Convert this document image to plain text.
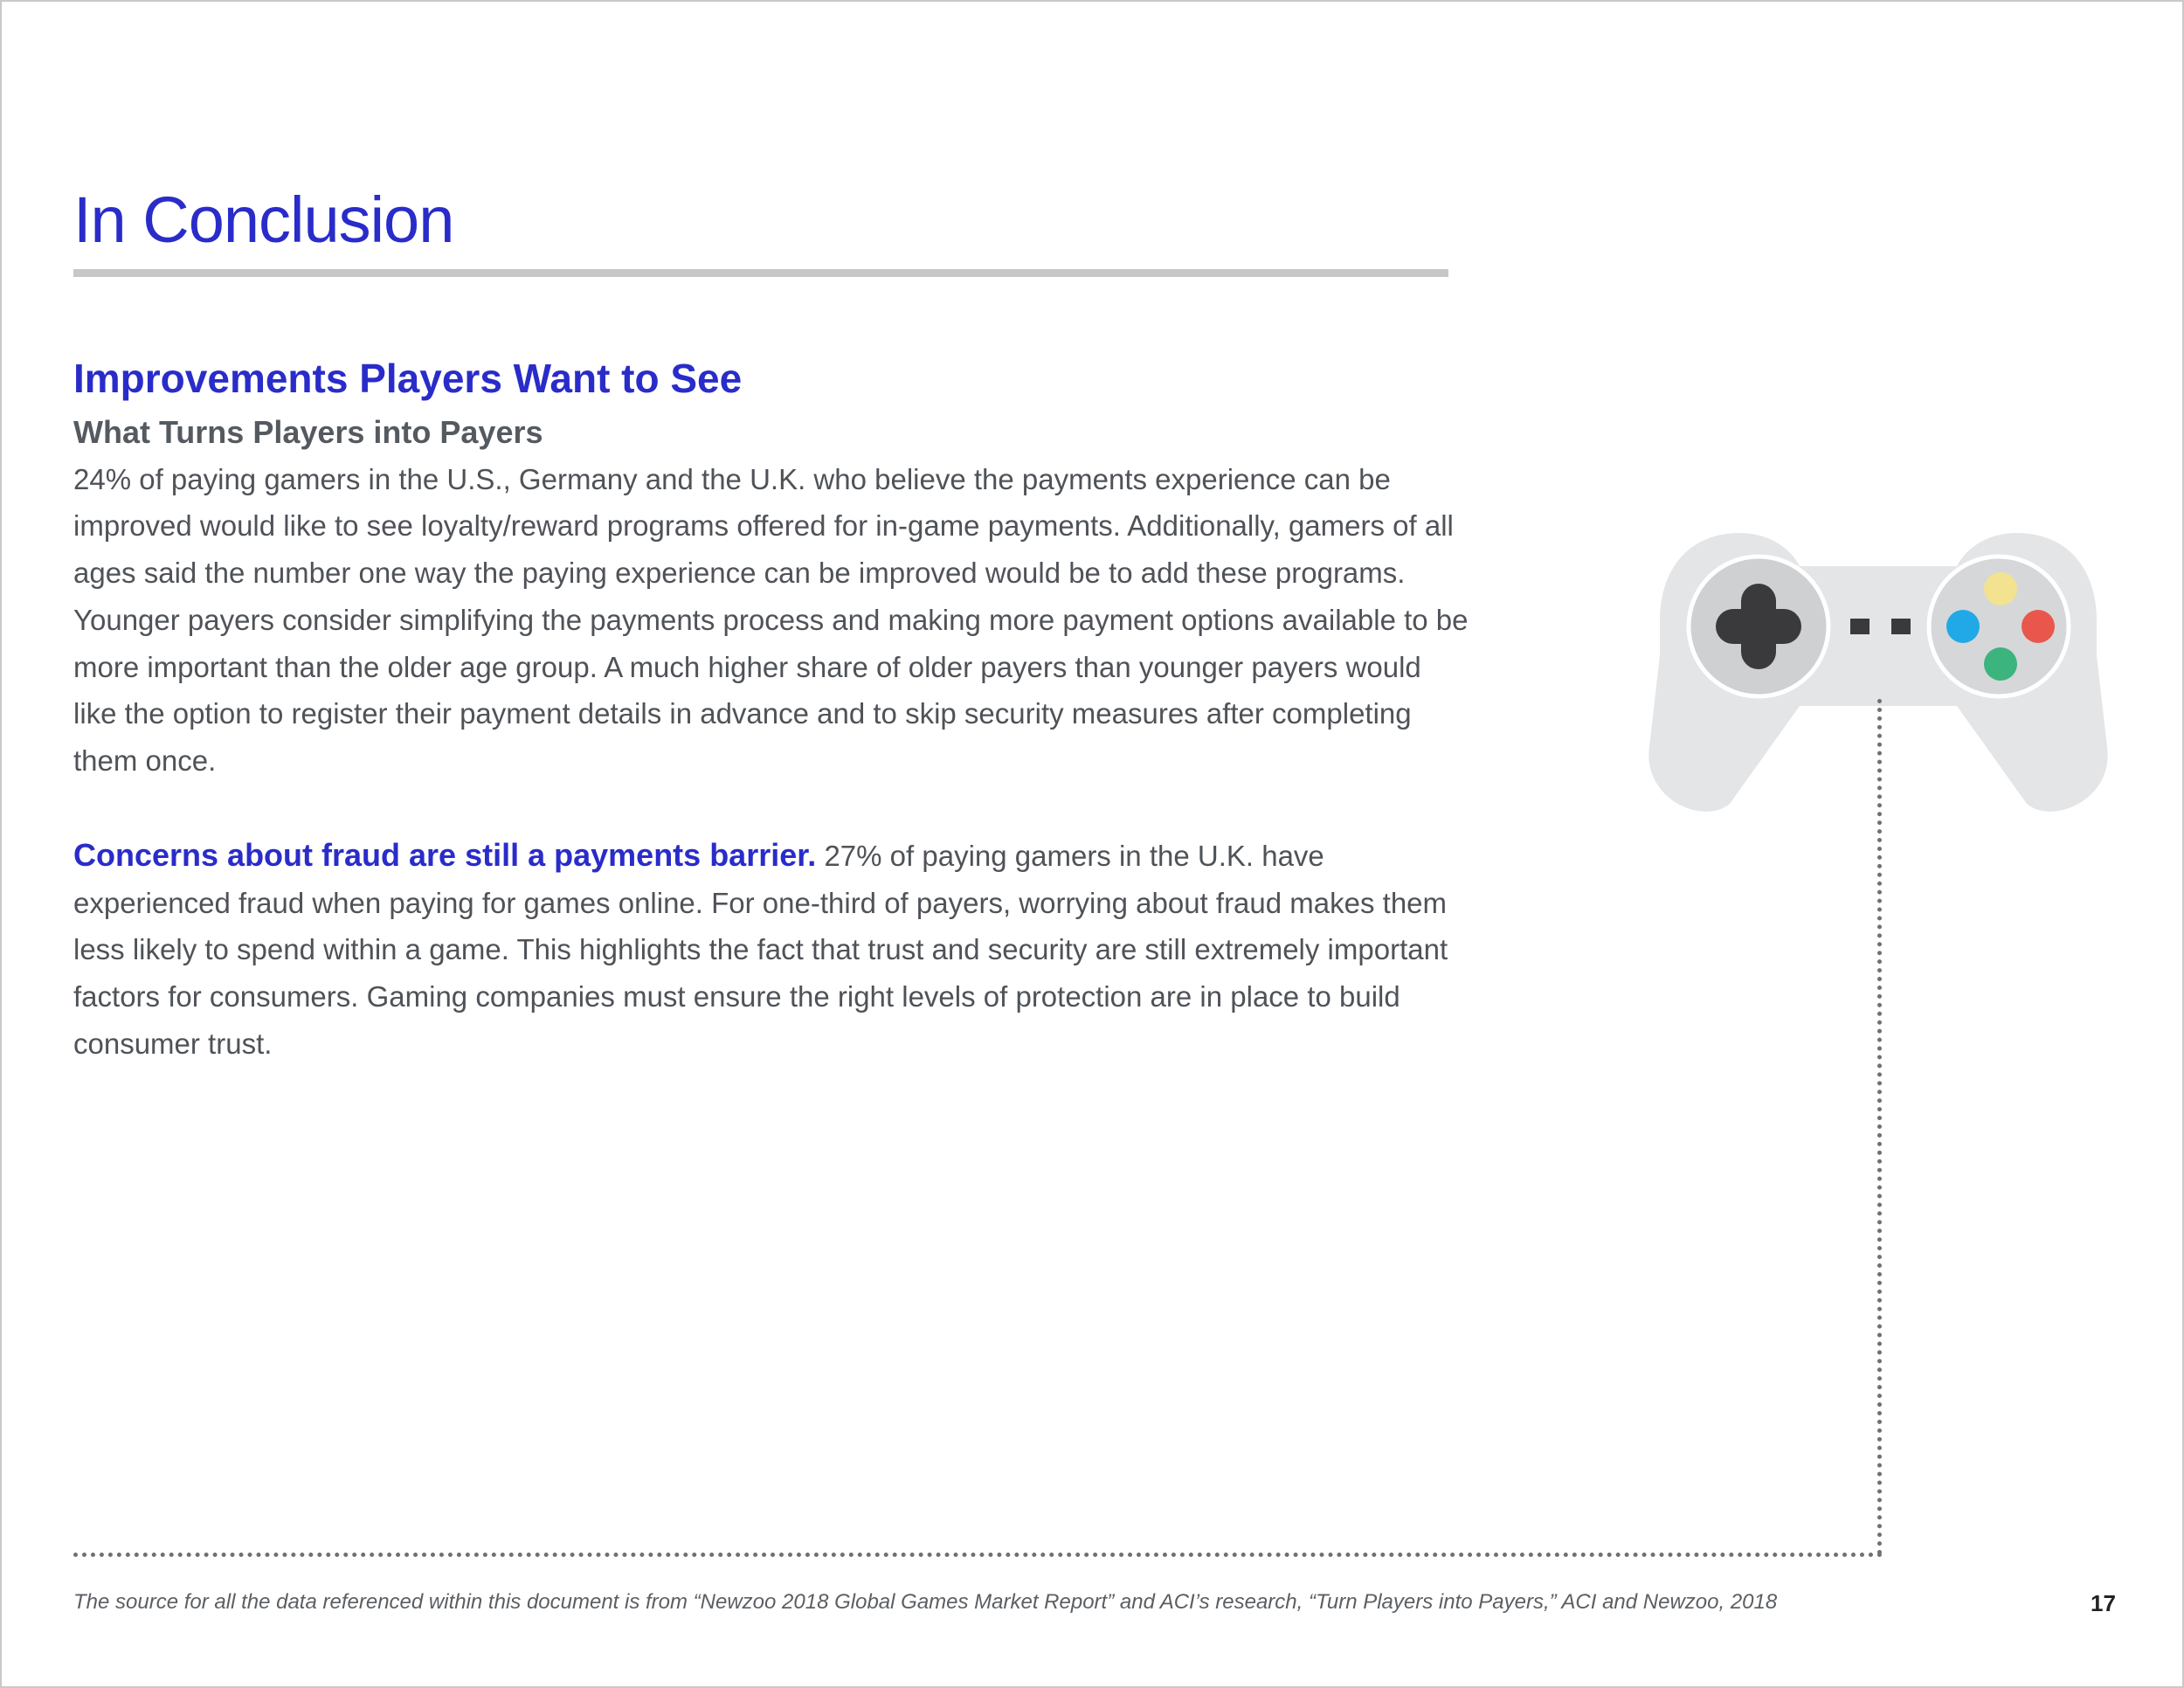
In Conclusion
Improvements Players Want to See
What Turns Players into Payers
24% of paying gamers in the U.S., Germany and the U.K. who believe the payments experience can be improved would like to see loyalty/reward programs offered for in-game payments. Additionally, gamers of all ages said the number one way the paying experience can be improved would be to add these programs. Younger payers consider simplifying the payments process and making more payment options available to be more important than the older age group. A much higher share of older payers than younger payers would like the option to register their payment details in advance and to skip security measures after completing them once.
Concerns about fraud are still a payments barrier. 27% of paying gamers in the U.K. have experienced fraud when paying for games online. For one-third of payers, worrying about fraud makes them less likely to spend within a game. This highlights the fact that trust and security are still extremely important factors for consumers. Gaming companies must ensure the right levels of protection are in place to build consumer trust.
The source for all the data referenced within this document is from “Newzoo 2018 Global Games Market Report” and ACI’s research, “Turn Players into Payers,” ACI and Newzoo, 2018	17
